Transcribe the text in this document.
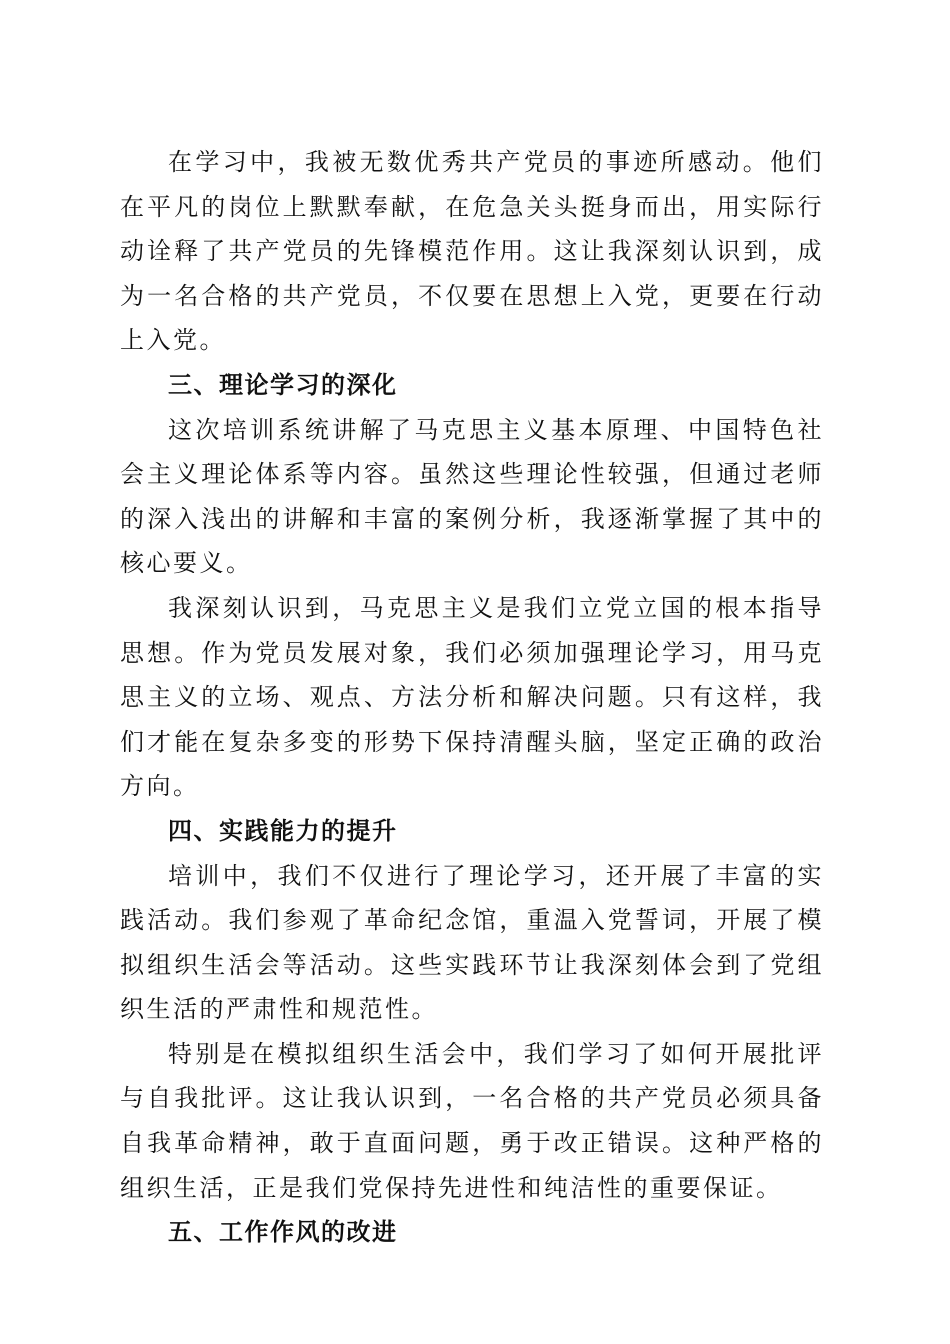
在学习中，我被无数优秀共产党员的事迹所感动。他们在平凡的岗位上默默奉献，在危急关头挺身而出，用实际行动诠释了共产党员的先锋模范作用。这让我深刻认识到，成为一名合格的共产党员，不仅要在思想上入党，更要在行动上入党。

三、理论学习的深化

这次培训系统讲解了马克思主义基本原理、中国特色社会主义理论体系等内容。虽然这些理论性较强，但通过老师的深入浅出的讲解和丰富的案例分析，我逐渐掌握了其中的核心要义。

我深刻认识到，马克思主义是我们立党立国的根本指导思想。作为党员发展对象，我们必须加强理论学习，用马克思主义的立场、观点、方法分析和解决问题。只有这样，我们才能在复杂多变的形势下保持清醒头脑，坚定正确的政治方向。

四、实践能力的提升

培训中，我们不仅进行了理论学习，还开展了丰富的实践活动。我们参观了革命纪念馆，重温入党誓词，开展了模拟组织生活会等活动。这些实践环节让我深刻体会到了党组织生活的严肃性和规范性。

特别是在模拟组织生活会中，我们学习了如何开展批评与自我批评。这让我认识到，一名合格的共产党员必须具备自我革命精神，敢于直面问题，勇于改正错误。这种严格的组织生活，正是我们党保持先进性和纯洁性的重要保证。

五、工作作风的改进
